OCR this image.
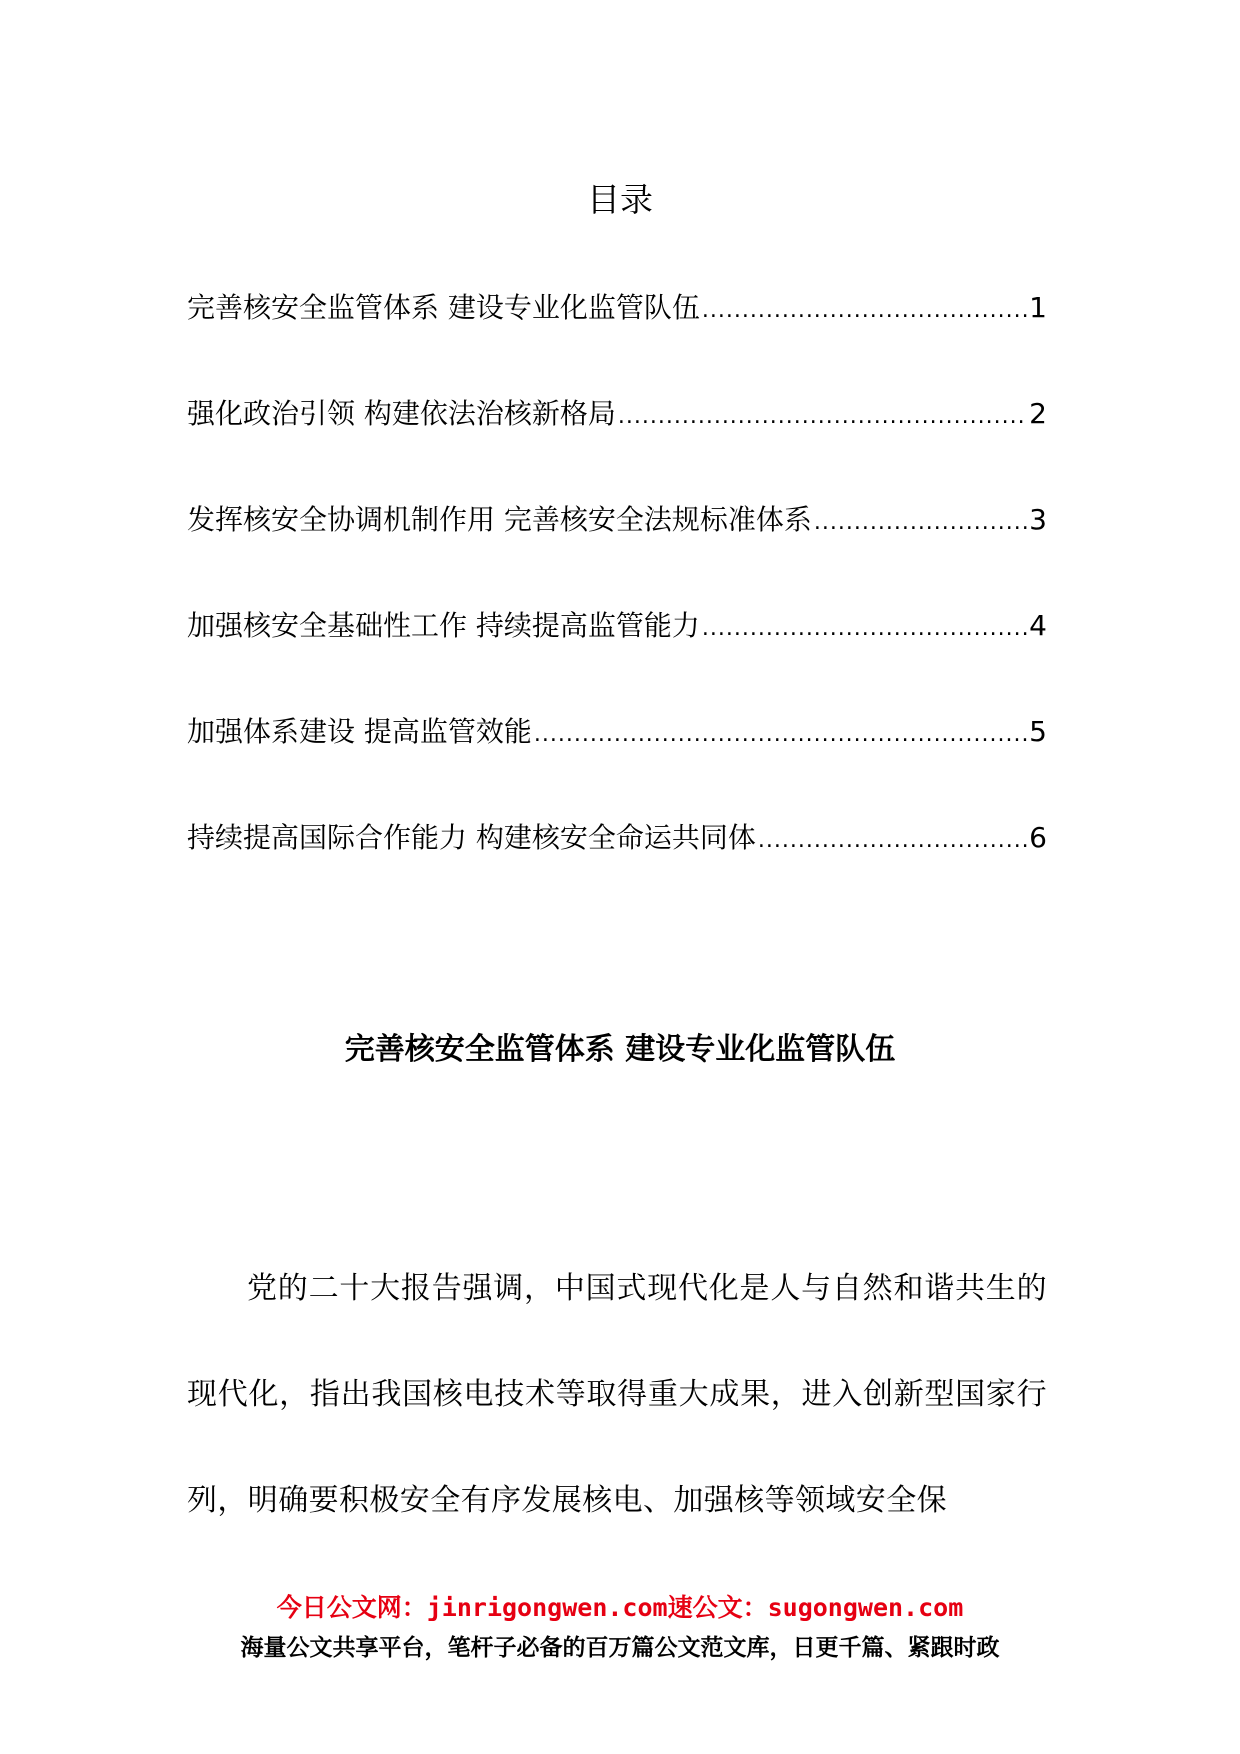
目录
完善核安全监管体系 建设专业化监管队伍 .....	1
强化政治引领 构建依法治核新格局 .....	2
发挥核安全协调机制作用 完善核安全法规标准体系 .....	3
加强核安全基础性工作 持续提高监管能力 .....	4
加强体系建设 提高监管效能 .....	5
持续提高国际合作能力 构建核安全命运共同体 .....	6
完善核安全监管体系 建设专业化监管队伍

党的二十大报告强调，中国式现代化是人与自然和谐共生的现代化，指出我国核电技术等取得重大成果，进入创新型国家行列，明确要积极安全有序发展核电、加强核等领域安全保

今日公文网：jinrigongwen.com速公文：sugongwen.com
海量公文共享平台，笔杆子必备的百万篇公文范文库，日更千篇、紧跟时政
